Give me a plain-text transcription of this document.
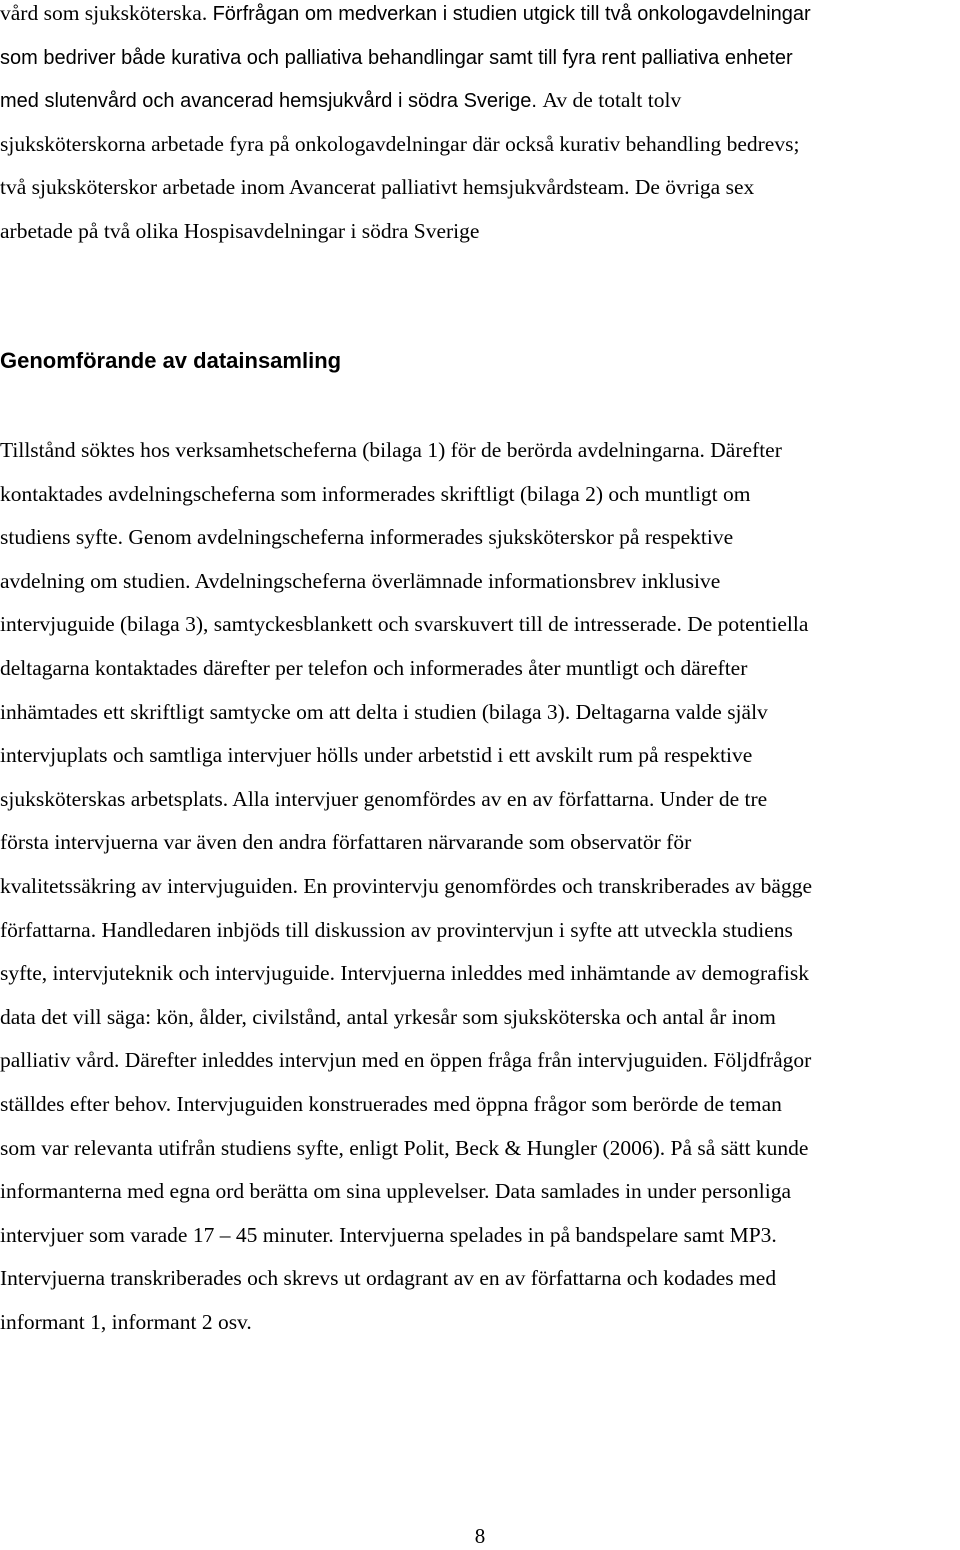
vård som sjuksköterska. Förfrågan om medverkan i studien utgick till två onkologavdelningar
som bedriver både kurativa och palliativa behandlingar samt till fyra rent palliativa enheter
med slutenvård och avancerad hemsjukvård i södra Sverige. Av de totalt tolv
sjuksköterskorna arbetade fyra på onkologavdelningar där också kurativ behandling bedrevs;
två sjuksköterskor arbetade inom Avancerat palliativt hemsjukvårdsteam. De övriga sex
arbetade på två olika Hospisavdelningar i södra Sverige

Genomförande av datainsamling

Tillstånd söktes hos verksamhetscheferna (bilaga 1) för de berörda avdelningarna. Därefter
kontaktades avdelningscheferna som informerades skriftligt (bilaga 2) och muntligt om
studiens syfte. Genom avdelningscheferna informerades sjuksköterskor på respektive
avdelning om studien. Avdelningscheferna överlämnade informationsbrev inklusive
intervjuguide (bilaga 3), samtyckesblankett och svarskuvert till de intresserade. De potentiella
deltagarna kontaktades därefter per telefon och informerades åter muntligt och därefter
inhämtades ett skriftligt samtycke om att delta i studien (bilaga 3). Deltagarna valde själv
intervjuplats och samtliga intervjuer hölls under arbetstid i ett avskilt rum på respektive
sjuksköterskas arbetsplats. Alla intervjuer genomfördes av en av författarna. Under de tre
första intervjuerna var även den andra författaren närvarande som observatör för
kvalitetssäkring av intervjuguiden. En provintervju genomfördes och transkriberades av bägge
författarna. Handledaren inbjöds till diskussion av provintervjun i syfte att utveckla studiens
syfte, intervjuteknik och intervjuguide. Intervjuerna inleddes med inhämtande av demografisk
data det vill säga: kön, ålder, civilstånd, antal yrkesår som sjuksköterska och antal år inom
palliativ vård. Därefter inleddes intervjun med en öppen fråga från intervjuguiden. Följdfrågor
ställdes efter behov. Intervjuguiden konstruerades med öppna frågor som berörde de teman
som var relevanta utifrån studiens syfte, enligt Polit, Beck & Hungler (2006). På så sätt kunde
informanterna med egna ord berätta om sina upplevelser. Data samlades in under personliga
intervjuer som varade 17 – 45 minuter. Intervjuerna spelades in på bandspelare samt MP3.
Intervjuerna transkriberades och skrevs ut ordagrant av en av författarna och kodades med
informant 1, informant 2 osv.

8
